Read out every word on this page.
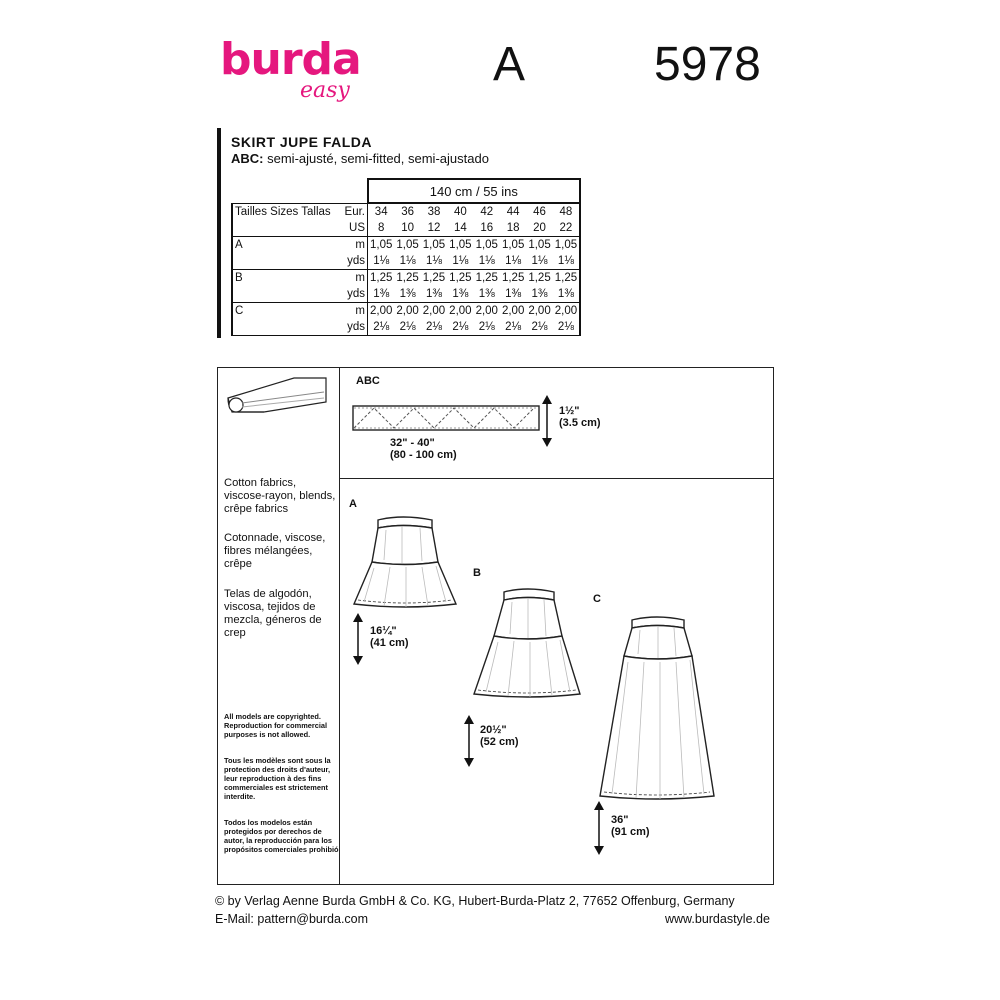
burda
easy	A	5978
SKIRT JUPE FALDA
ABC: semi-ajusté, semi-fitted, semi-ajustado
		140 cm / 55 ins							
Tailles Sizes Tallas	Eur.	34	36	38	40	42	44	46	48
	US	8	10	12	14	16	18	20	22
A	m	1,05	1,05	1,05	1,05	1,05	1,05	1,05	1,05
	yds	1⅛	1⅛	1⅛	1⅛	1⅛	1⅛	1⅛	1⅛
B	m	1,25	1,25	1,25	1,25	1,25	1,25	1,25	1,25
	yds	1⅜	1⅜	1⅜	1⅜	1⅜	1⅜	1⅜	1⅜
C	m	2,00	2,00	2,00	2,00	2,00	2,00	2,00	2,00
	yds	2⅛	2⅛	2⅛	2⅛	2⅛	2⅛	2⅛	2⅛
Cotton fabrics, viscose-rayon, blends, crêpe fabrics
Cotonnade, viscose, fibres mélangées, crêpe
Telas de algodón, viscosa, tejidos de mezcla, géneros de crep
All models are copyrighted. Reproduction for commercial purposes is not allowed.
Tous les modèles sont sous la protection des droits d'auteur, leur reproduction à des fins commerciales est strictement interdite.
Todos los modelos están protegidos por derechos de autor, la reproducción para los propósitos comerciales prohibió
ABC
1½"
(3.5 cm)
32" - 40"
(80 - 100 cm)
A
16¼"
(41 cm)
B
20½"
(52 cm)
C
36"
(91 cm)
© by Verlag Aenne Burda GmbH & Co. KG, Hubert-Burda-Platz 2, 77652 Offenburg, Germany
E-Mail: pattern@burda.com	www.burdastyle.de
